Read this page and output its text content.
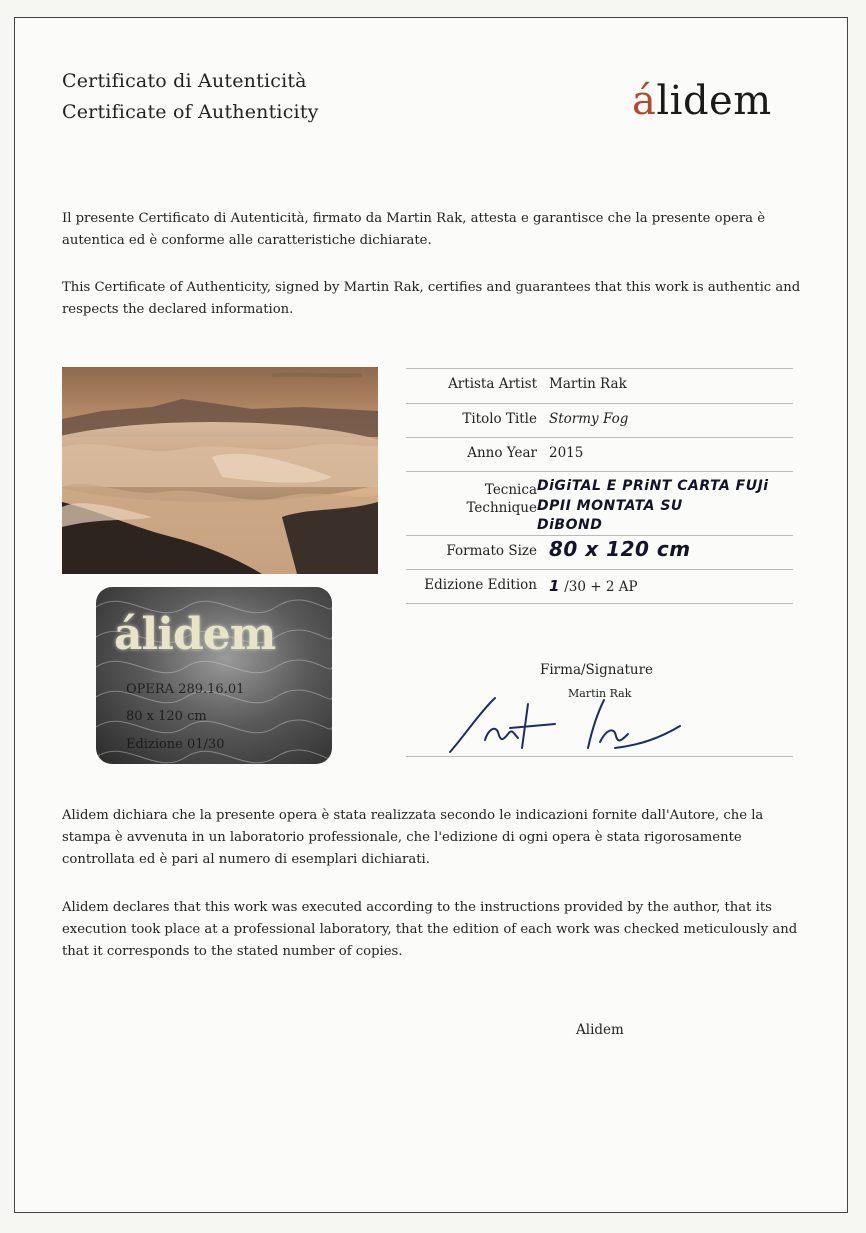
Certificato di Autenticità
Certificate of Authenticity	álidem
Il presente Certificato di Autenticità, firmato da Martin Rak, attesta e garantisce che la presente opera è autentica ed è conforme alle caratteristiche dichiarate.
This Certificate of Authenticity, signed by Martin Rak, certifies and guarantees that this work is authentic and respects the declared information.
álidem
OPERA 289.16.01
80 x 120 cm
Edizione 01/30
Artista Artist Martin Rak
Titolo Title Stormy Fog
Anno Year 2015
Tecnica
Technique
DiGiTAL E PRiNT CARTA FUJi
DPII MONTATA SU
DiBOND
Formato Size 80 x 120 cm
Edizione Edition 1 /30 + 2 AP
Firma/Signature
Martin Rak
Alidem dichiara che la presente opera è stata realizzata secondo le indicazioni fornite dall'Autore, che la stampa è avvenuta in un laboratorio professionale, che l'edizione di ogni opera è stata rigorosamente controllata ed è pari al numero di esemplari dichiarati.
Alidem declares that this work was executed according to the instructions provided by the author, that its execution took place at a professional laboratory, that the edition of each work was checked meticulously and that it corresponds to the stated number of copies.
Alidem
